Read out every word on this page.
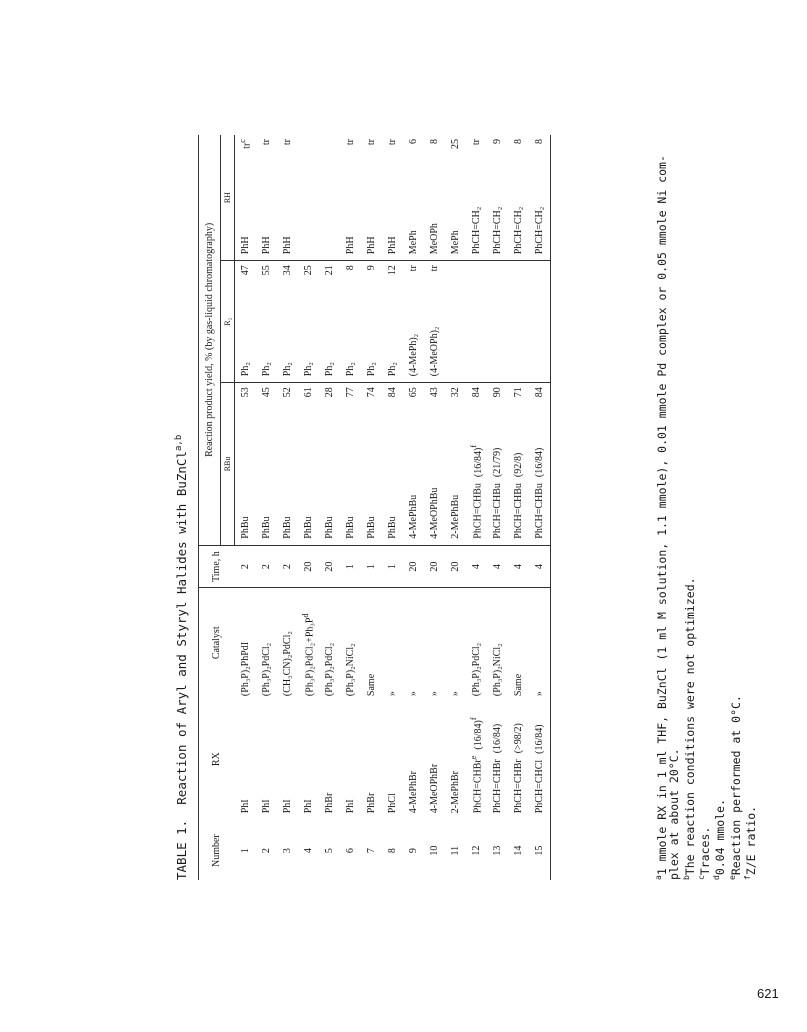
TABLE 1.  Reaction of Aryl and Styryl Halides with BuZnCl$^{a,b}$
Number	RX	Catalyst	Time, h	Reaction product yield, % (by gas-liquid chromatography)					
				RBu		R₂		RH	
1	PhI	(Ph₃P)₂PhPdI	2	PhBu	53	Ph₂	47	PhH	$tr^c$
2	PhI	(Ph₃P)₂PdCl₂	2	PhBu	45	Ph₂	55	PhH	tr
3	PhI	(CH₃CN)₂PdCl₂	2	PhBu	52	Ph₂	34	PhH	tr
4	PhI	$(Ph_3P)_2PdCl_2+Ph_3P^d$	20	PhBu	61	Ph₂	25		
5	PhBr	(Ph₃P)₂PdCl₂	20	PhBu	28	Ph₂	21		
6	PhI	(Ph₃P)₂NiCl₂	1	PhBu	77	Ph₂	8	PhH	tr
7	PhBr	Same	1	PhBu	74	Ph₂	9	PhH	tr
8	PhCl	»	1	PhBu	84	Ph₂	12	PhH	tr
9	4-MePhBr	»	20	4-MePhBu	65	(4-MePh)₂	tr	MePh	6
10	4-MeOPhBr	»	20	4-MeOPhBu	43	(4-MeOPh)₂	tr	MeOPh	8
11	2-MePhBr	»	20	2-MePhBu	32			MePh	25
12	$PhCH=CHBr^e(16/84)^f$	(Ph₃P)₂PdCl₂	4	$PhCH=CHBu(16/84)^f$	84			PhCH=CH₂	tr
13	PhCH=CHBr(16/84)	(Ph₃P)₂NiCl₂	4	PhCH=CHBu(21/79)	90			PhCH=CH₂	9
14	PhCH=CHBr(>98/2)	Same	4	PhCH=CHBu(92/8)	71			PhCH=CH₂	8
15	PhCH=CHCl(16/84)	»	4	PhCH=CHBu(16/84)	84			PhCH=CH₂	8
$^a$1 mmole RX in 1 ml THF, BuZnCl (1 ml M solution, 1.1 mmole), 0.01 mmole Pd complex or 0.05 mmole Ni com-
plex at about 20°C.
$^b$The reaction conditions were not optimized.
$^c$Traces.
$^d$0.04 mmole.
$^e$Reaction performed at 0°C.
$^f$Z/E ratio.
621
